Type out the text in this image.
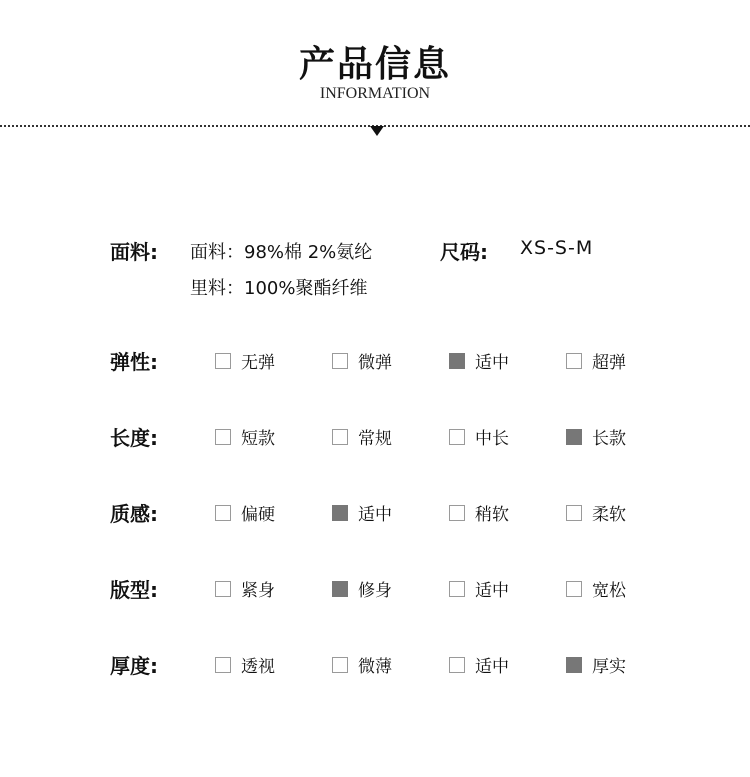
产品信息
INFORMATION
面料: 面料：98%棉 2%氨纶
里料：100%聚酯纤维
尺码: XS-S-M
弹性:	无弹	微弹	适中	超弹
长度:	短款	常规	中长	长款
质感:	偏硬	适中	稍软	柔软
版型:	紧身	修身	适中	宽松
厚度:	透视	微薄	适中	厚实
